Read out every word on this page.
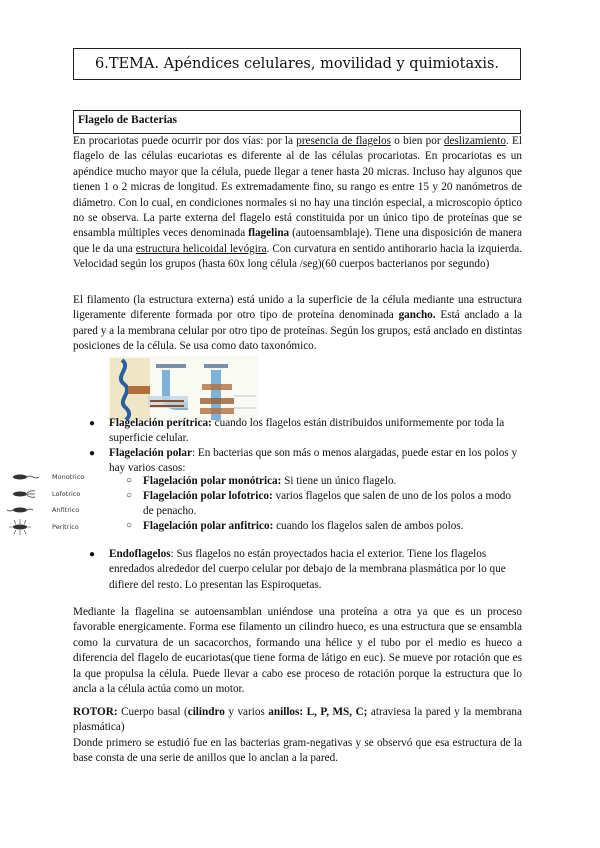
6.TEMA. Apéndices celulares, movilidad y quimiotaxis.
Flagelo de Bacterias
En procariotas puede ocurrir por dos vías: por la presencia de flagelos o bien por deslizamiento. El flagelo de las células eucariotas es diferente al de las células procariotas. En procariotas es un apéndice mucho mayor que la célula, puede llegar a tener hasta 20 micras. Incluso hay algunos que tienen 1 o 2 micras de longitud. Es extremadamente fino, su rango es entre 15 y 20 nanómetros de diámetro. Con lo cual, en condiciones normales si no hay una tinción especial, a microscopio óptico no se observa. La parte externa del flagelo está constituida por un único tipo de proteínas que se ensambla múltiples veces denominada flagelina (autoensamblaje). Tiene una disposición de manera que le da una estructura helicoidal levógira. Con curvatura en sentido antihorario hacia la izquierda. Velocidad según los grupos (hasta 60x long célula /seg)(60 cuerpos bacterianos por segundo)
El filamento (la estructura externa) está unido a la superficie de la célula mediante una estructura ligeramente diferente formada por otro tipo de proteína denominada gancho. Está anclado a la pared y a la membrana celular por otro tipo de proteínas. Según los grupos, está anclado en distintas posiciones de la célula. Se usa como dato taxonómico.
Monotrico
Lofotrico
Anfitrico
Peritrico
● Flagelación perítrica: cuando los flagelos están distribuidos uniformemente por toda la superficie celular.
● Flagelación polar: En bacterias que son más o menos alargadas, puede estar en los polos y hay varios casos:
○ Flagelación polar monótrica: Si tiene un único flagelo.
○ Flagelación polar lofotrico: varios flagelos que salen de uno de los polos a modo de penacho.
○ Flagelación polar anfitrico: cuando los flagelos salen de ambos polos.
● Endoflagelos: Sus flagelos no están proyectados hacia el exterior. Tiene los flagelos enredados alrededor del cuerpo celular por debajo de la membrana plasmática por lo que difiere del resto. Lo presentan las Espiroquetas.
Mediante la flagelina se autoensamblan uniéndose una proteína a otra ya que es un proceso favorable energicamente. Forma ese filamento un cilindro hueco, es una estructura que se ensambla como la curvatura de un sacacorchos, formando una hélice y el tubo por el medio es hueco a diferencia del flagelo de eucariotas(que tiene forma de látigo en euc). Se mueve por rotación que es la que propulsa la célula. Puede llevar a cabo ese proceso de rotación porque la estructura que lo ancla a la célula actúa como un motor.
ROTOR: Cuerpo basal (cilindro y varios anillos: L, P, MS, C; atraviesa la pared y la membrana plasmática)
Donde primero se estudió fue en las bacterias gram-negativas y se observó que esa estructura de la base consta de una serie de anillos que lo anclan a la pared.
